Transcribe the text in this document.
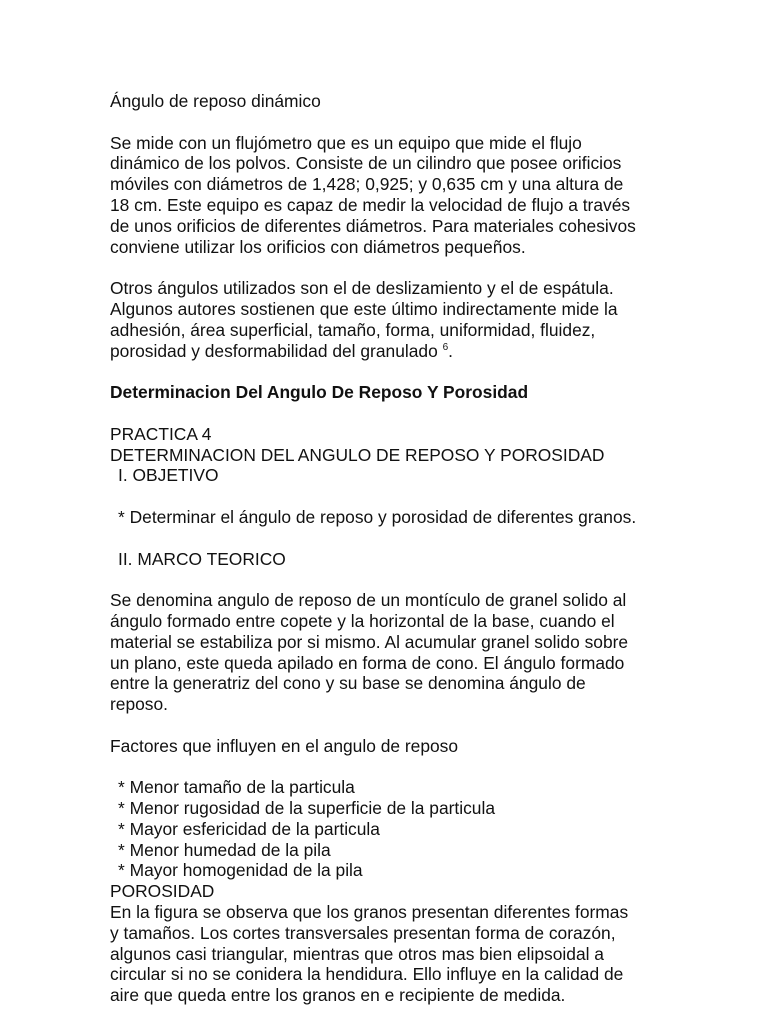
Ángulo de reposo dinámico

Se mide con un flujómetro que es un equipo que mide el flujo

dinámico de los polvos. Consiste de un cilindro que posee orificios

móviles con diámetros de 1,428; 0,925; y 0,635 cm y una altura de

18 cm. Este equipo es capaz de medir la velocidad de flujo a través

de unos orificios de diferentes diámetros. Para materiales cohesivos

conviene utilizar los orificios con diámetros pequeños.

Otros ángulos utilizados son el de deslizamiento y el de espátula.

Algunos autores sostienen que este último indirectamente mide la

adhesión, área superficial, tamaño, forma, uniformidad, fluidez,

porosidad y desformabilidad del granulado $^6$.

Determinacion Del Angulo De Reposo Y Porosidad

PRACTICA 4

DETERMINACION DEL ANGULO DE REPOSO Y POROSIDAD

I. OBJETIVO

* Determinar el ángulo de reposo y porosidad de diferentes granos.

II. MARCO TEORICO

Se denomina angulo de reposo de un montículo de granel solido al

ángulo formado entre copete y la horizontal de la base, cuando el

material se estabiliza por si mismo. Al acumular granel solido sobre

un plano, este queda apilado en forma de cono. El ángulo formado

entre la generatriz del cono y su base se denomina ángulo de

reposo.

Factores que influyen en el angulo de reposo

* Menor tamaño de la particula

* Menor rugosidad de la superficie de la particula

* Mayor esfericidad de la particula

* Menor humedad de la pila

* Mayor homogenidad de la pila

POROSIDAD

En la figura se observa que los granos presentan diferentes formas

y tamaños. Los cortes transversales presentan forma de corazón,

algunos casi triangular, mientras que otros mas bien elipsoidal a

circular si no se conidera la hendidura. Ello influye en la calidad de

aire que queda entre los granos en e recipiente de medida.
